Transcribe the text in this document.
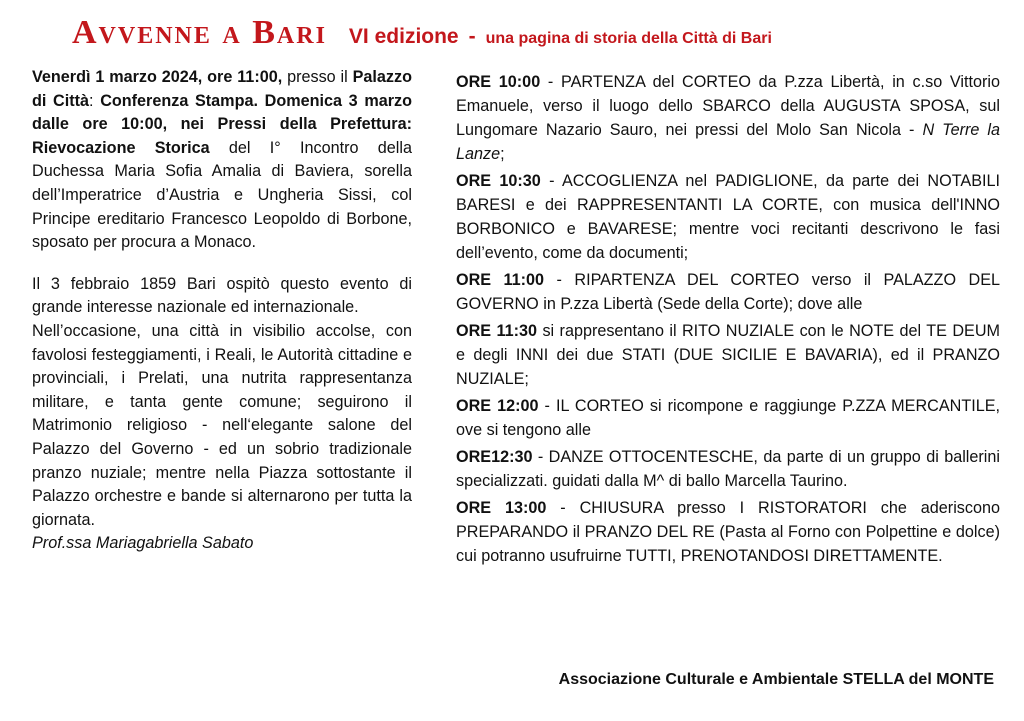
Avvenne a Bari VI edizione - una pagina di storia della Città di Bari

Venerdì 1 marzo 2024, ore 11:00, presso il Palazzo di Città: Conferenza Stampa. Domenica 3 marzo dalle ore 10:00, nei Pressi della Prefettura: Rievocazione Storica del I° Incontro della Duchessa Maria Sofia Amalia di Baviera, sorella dell’Imperatrice d’Austria e Ungheria Sissi, col Principe ereditario Francesco Leopoldo di Borbone, sposato per procura a Monaco.

Il 3 febbraio 1859 Bari ospitò questo evento di grande interesse nazionale ed internazionale.

Nell’occasione, una città in visibilio accolse, con favolosi festeggiamenti, i Reali, le Autorità cittadine e provinciali, i Prelati, una nutrita rappresentanza militare, e tanta gente comune; seguirono il Matrimonio religioso - nell‘elegante salone del Palazzo del Governo - ed un sobrio tradizionale pranzo nuziale; mentre nella Piazza sottostante il Palazzo orchestre e bande si alternarono per tutta la giornata.

Prof.ssa Mariagabriella Sabato

ORE 10:00 - PARTENZA del CORTEO da P.zza Libertà, in c.so Vittorio Emanuele, verso il luogo dello SBARCO della AUGUSTA SPOSA, sul Lungomare Nazario Sauro, nei pressi del Molo San Nicola - N Terre la Lanze;

ORE 10:30 - ACCOGLIENZA nel PADIGLIONE, da parte dei NOTABILI BARESI e dei RAPPRESENTANTI LA CORTE, con musica dell'INNO BORBONICO e BAVARESE; mentre voci recitanti descrivono le fasi dell’evento, come da documenti;

ORE 11:00 - RIPARTENZA DEL CORTEO verso il PALAZZO DEL GOVERNO in P.zza Libertà (Sede della Corte); dove alle

ORE 11:30 si rappresentano il RITO NUZIALE con le NOTE del TE DEUM e degli INNI dei due STATI (DUE SICILIE E BAVARIA), ed il PRANZO NUZIALE;

ORE 12:00 - IL CORTEO si ricompone e raggiunge P.ZZA MERCANTILE, ove si tengono alle

ORE12:30 - DANZE OTTOCENTESCHE, da parte di un gruppo di ballerini specializzati. guidati dalla M^ di ballo Marcella Taurino.

ORE 13:00 - CHIUSURA presso I RISTORATORI che aderiscono PREPARANDO il PRANZO DEL RE (Pasta al Forno con Polpettine e dolce) cui potranno usufruirne TUTTI, PRENOTANDOSI DIRETTAMENTE.

Associazione Culturale e Ambientale STELLA del MONTE
